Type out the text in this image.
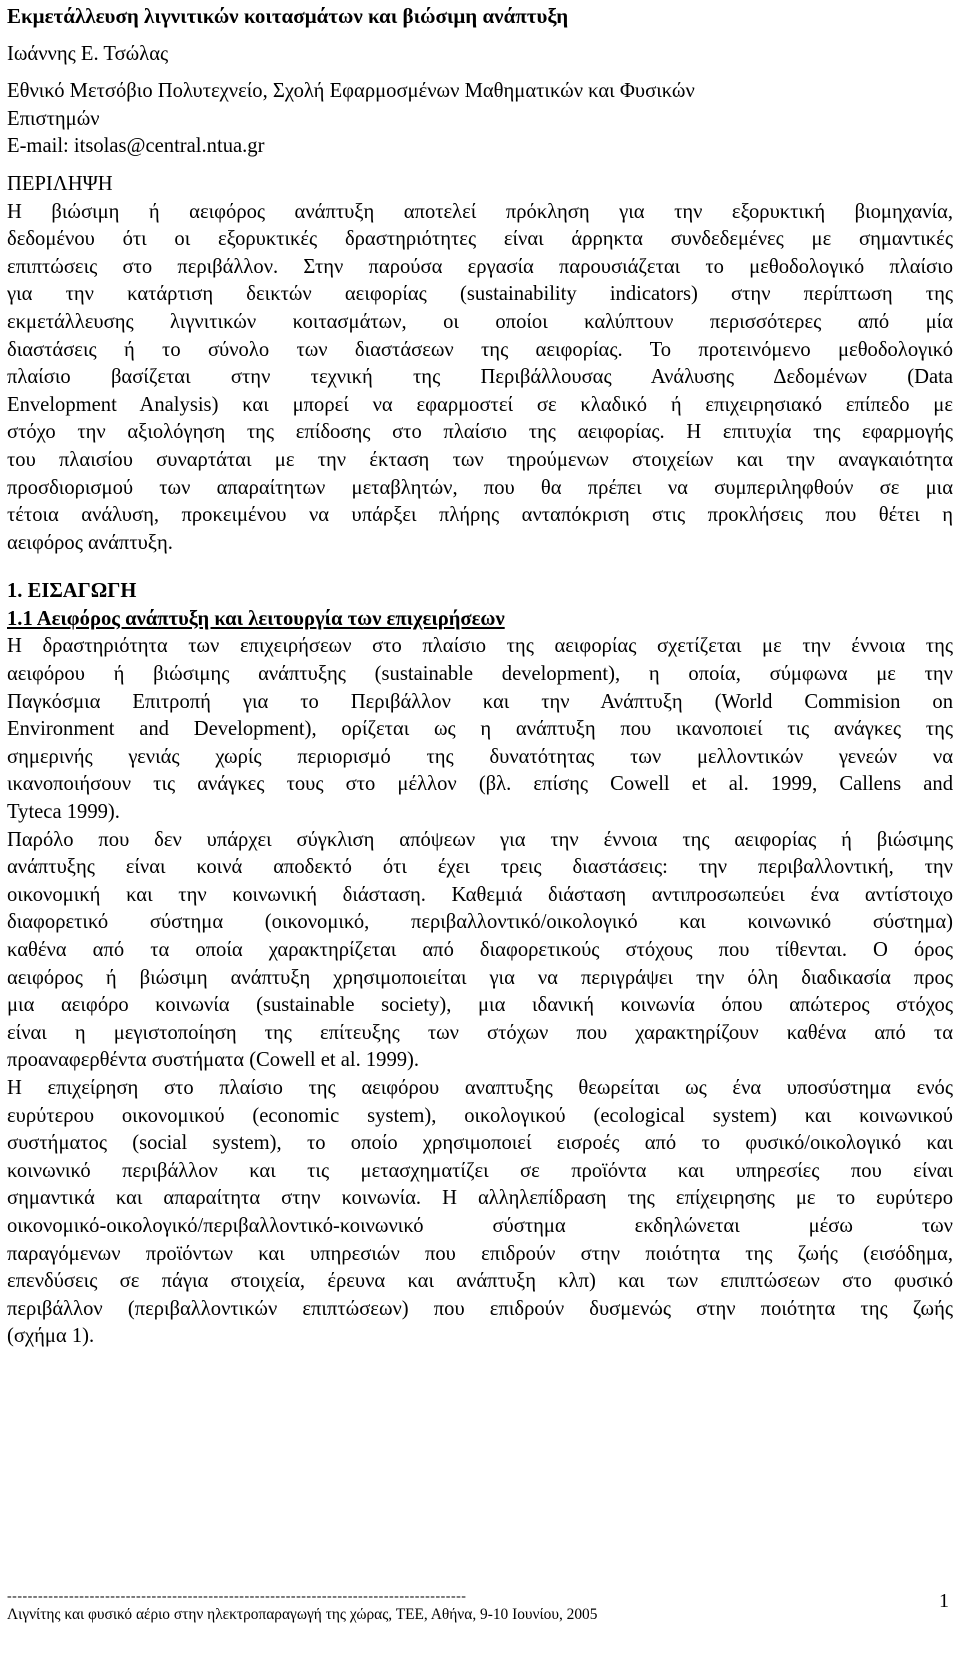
Εκμετάλλευση λιγνιτικών κοιτασμάτων και βιώσιμη ανάπτυξη

Ιωάννης Ε. Τσώλας

Εθνικό Μετσόβιο Πολυτεχνείο, Σχολή Εφαρμοσμένων Μαθηματικών και Φυσικών

Επιστημών

E-mail: itsolas@central.ntua.gr

ΠΕΡΙΛΗΨΗ

Η βιώσιμη ή αειφόρος ανάπτυξη αποτελεί πρόκληση για την εξορυκτική βιομηχανία,

δεδομένου ότι οι εξορυκτικές δραστηριότητες είναι άρρηκτα συνδεδεμένες με σημαντικές

επιπτώσεις στο περιβάλλον. Στην παρούσα εργασία παρουσιάζεται το μεθοδολογικό πλαίσιο

για την κατάρτιση δεικτών αειφορίας (sustainability indicators) στην περίπτωση της

εκμετάλλευσης λιγνιτικών κοιτασμάτων, οι οποίοι καλύπτουν περισσότερες από μία

διαστάσεις ή το σύνολο των διαστάσεων της αειφορίας. Το προτεινόμενο μεθοδολογικό

πλαίσιο βασίζεται στην τεχνική της Περιβάλλουσας Ανάλυσης Δεδομένων (Data

Envelopment Analysis) και μπορεί να εφαρμοστεί σε κλαδικό ή επιχειρησιακό επίπεδο με

στόχο την αξιολόγηση της επίδοσης στο πλαίσιο της αειφορίας. Η επιτυχία της εφαρμογής

του πλαισίου συναρτάται με την έκταση των τηρούμενων στοιχείων και την αναγκαιότητα

προσδιορισμού των απαραίτητων μεταβλητών, που θα πρέπει να συμπεριληφθούν σε μια

τέτοια ανάλυση, προκειμένου να υπάρξει πλήρης ανταπόκριση στις προκλήσεις που θέτει η

αειφόρος ανάπτυξη.

1. ΕΙΣΑΓΩΓΗ

1.1 Αειφόρος ανάπτυξη και λειτουργία των επιχειρήσεων

Η δραστηριότητα των επιχειρήσεων στο πλαίσιο της αειφορίας σχετίζεται με την έννοια της

αειφόρου ή βιώσιμης ανάπτυξης (sustainable development), η οποία, σύμφωνα με την

Παγκόσμια Επιτροπή για το Περιβάλλον και την Ανάπτυξη (World Commision on

Environment and Development), ορίζεται ως η ανάπτυξη που ικανοποιεί τις ανάγκες της

σημερινής γενιάς χωρίς περιορισμό της δυνατότητας των μελλοντικών γενεών να

ικανοποιήσουν τις ανάγκες τους στο μέλλον (βλ. επίσης Cowell et al. 1999, Callens and

Tyteca 1999).

Παρόλο που δεν υπάρχει σύγκλιση απόψεων για την έννοια της αειφορίας ή βιώσιμης

ανάπτυξης είναι κοινά αποδεκτό ότι έχει τρεις διαστάσεις: την περιβαλλοντική, την

οικονομική και την κοινωνική διάσταση. Καθεμιά διάσταση αντιπροσωπεύει ένα αντίστοιχο

διαφορετικό σύστημα (οικονομικό, περιβαλλοντικό/οικολογικό και κοινωνικό σύστημα)

καθένα από τα οποία χαρακτηρίζεται από διαφορετικούς στόχους που τίθενται. Ο όρος

αειφόρος ή βιώσιμη ανάπτυξη χρησιμοποιείται για να περιγράψει την όλη διαδικασία προς

μια αειφόρο κοινωνία (sustainable society), μια ιδανική κοινωνία όπου απώτερος στόχος

είναι η μεγιστοποίηση της επίτευξης των στόχων που χαρακτηρίζουν καθένα από τα

προαναφερθέντα συστήματα (Cowell et al. 1999).

Η επιχείρηση στο πλαίσιο της αειφόρου αναπτυξης θεωρείται ως ένα υποσύστημα ενός

ευρύτερου οικονομικού (economic system), οικολογικού (ecological system) και κοινωνικού

συστήματος (social system), το οποίο χρησιμοποιεί εισροές από το φυσικό/οικολογικό και

κοινωνικό περιβάλλον και τις μετασχηματίζει σε προϊόντα και υπηρεσίες που είναι

σημαντικά και απαραίτητα στην κοινωνία. Η αλληλεπίδραση της επίχειρησης με το ευρύτερο

οικονομικό-οικολογικό/περιβαλλοντικό-κοινωνικό σύστημα εκδηλώνεται μέσω των

παραγόμενων προϊόντων και υπηρεσιών που επιδρούν στην ποιότητα της ζωής (εισόδημα,

επενδύσεις σε πάγια στοιχεία, έρευνα και ανάπτυξη κλπ) και των επιπτώσεων στο φυσικό

περιβάλλον (περιβαλλοντικών επιπτώσεων) που επιδρούν δυσμενώς στην ποιότητα της ζωής

(σχήμα 1).

-----------------------------------------------------------------------------------------
Λιγνίτης και φυσικό αέριο στην ηλεκτροπαραγωγή της χώρας, ΤΕΕ, Αθήνα, 9-10 Ιουνίου, 2005
1
